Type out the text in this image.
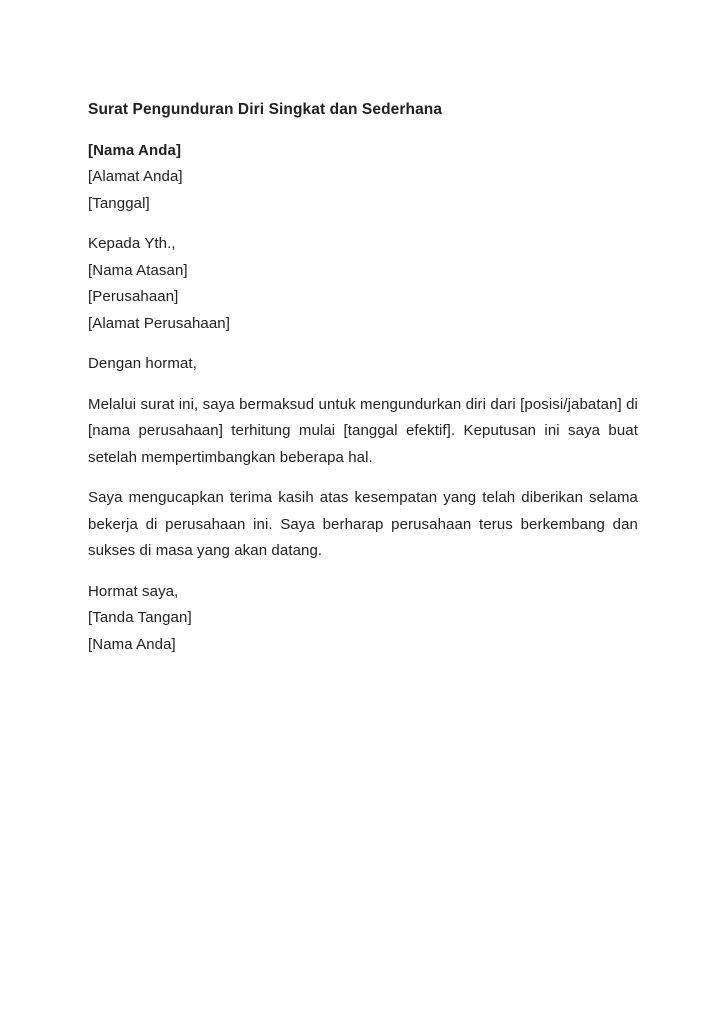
Surat Pengunduran Diri Singkat dan Sederhana
[Nama Anda]
[Alamat Anda]
[Tanggal]
Kepada Yth.,
[Nama Atasan]
[Perusahaan]
[Alamat Perusahaan]
Dengan hormat,
Melalui surat ini, saya bermaksud untuk mengundurkan diri dari [posisi/jabatan] di [nama perusahaan] terhitung mulai [tanggal efektif]. Keputusan ini saya buat setelah mempertimbangkan beberapa hal.
Saya mengucapkan terima kasih atas kesempatan yang telah diberikan selama bekerja di perusahaan ini. Saya berharap perusahaan terus berkembang dan sukses di masa yang akan datang.
Hormat saya,
[Tanda Tangan]
[Nama Anda]
